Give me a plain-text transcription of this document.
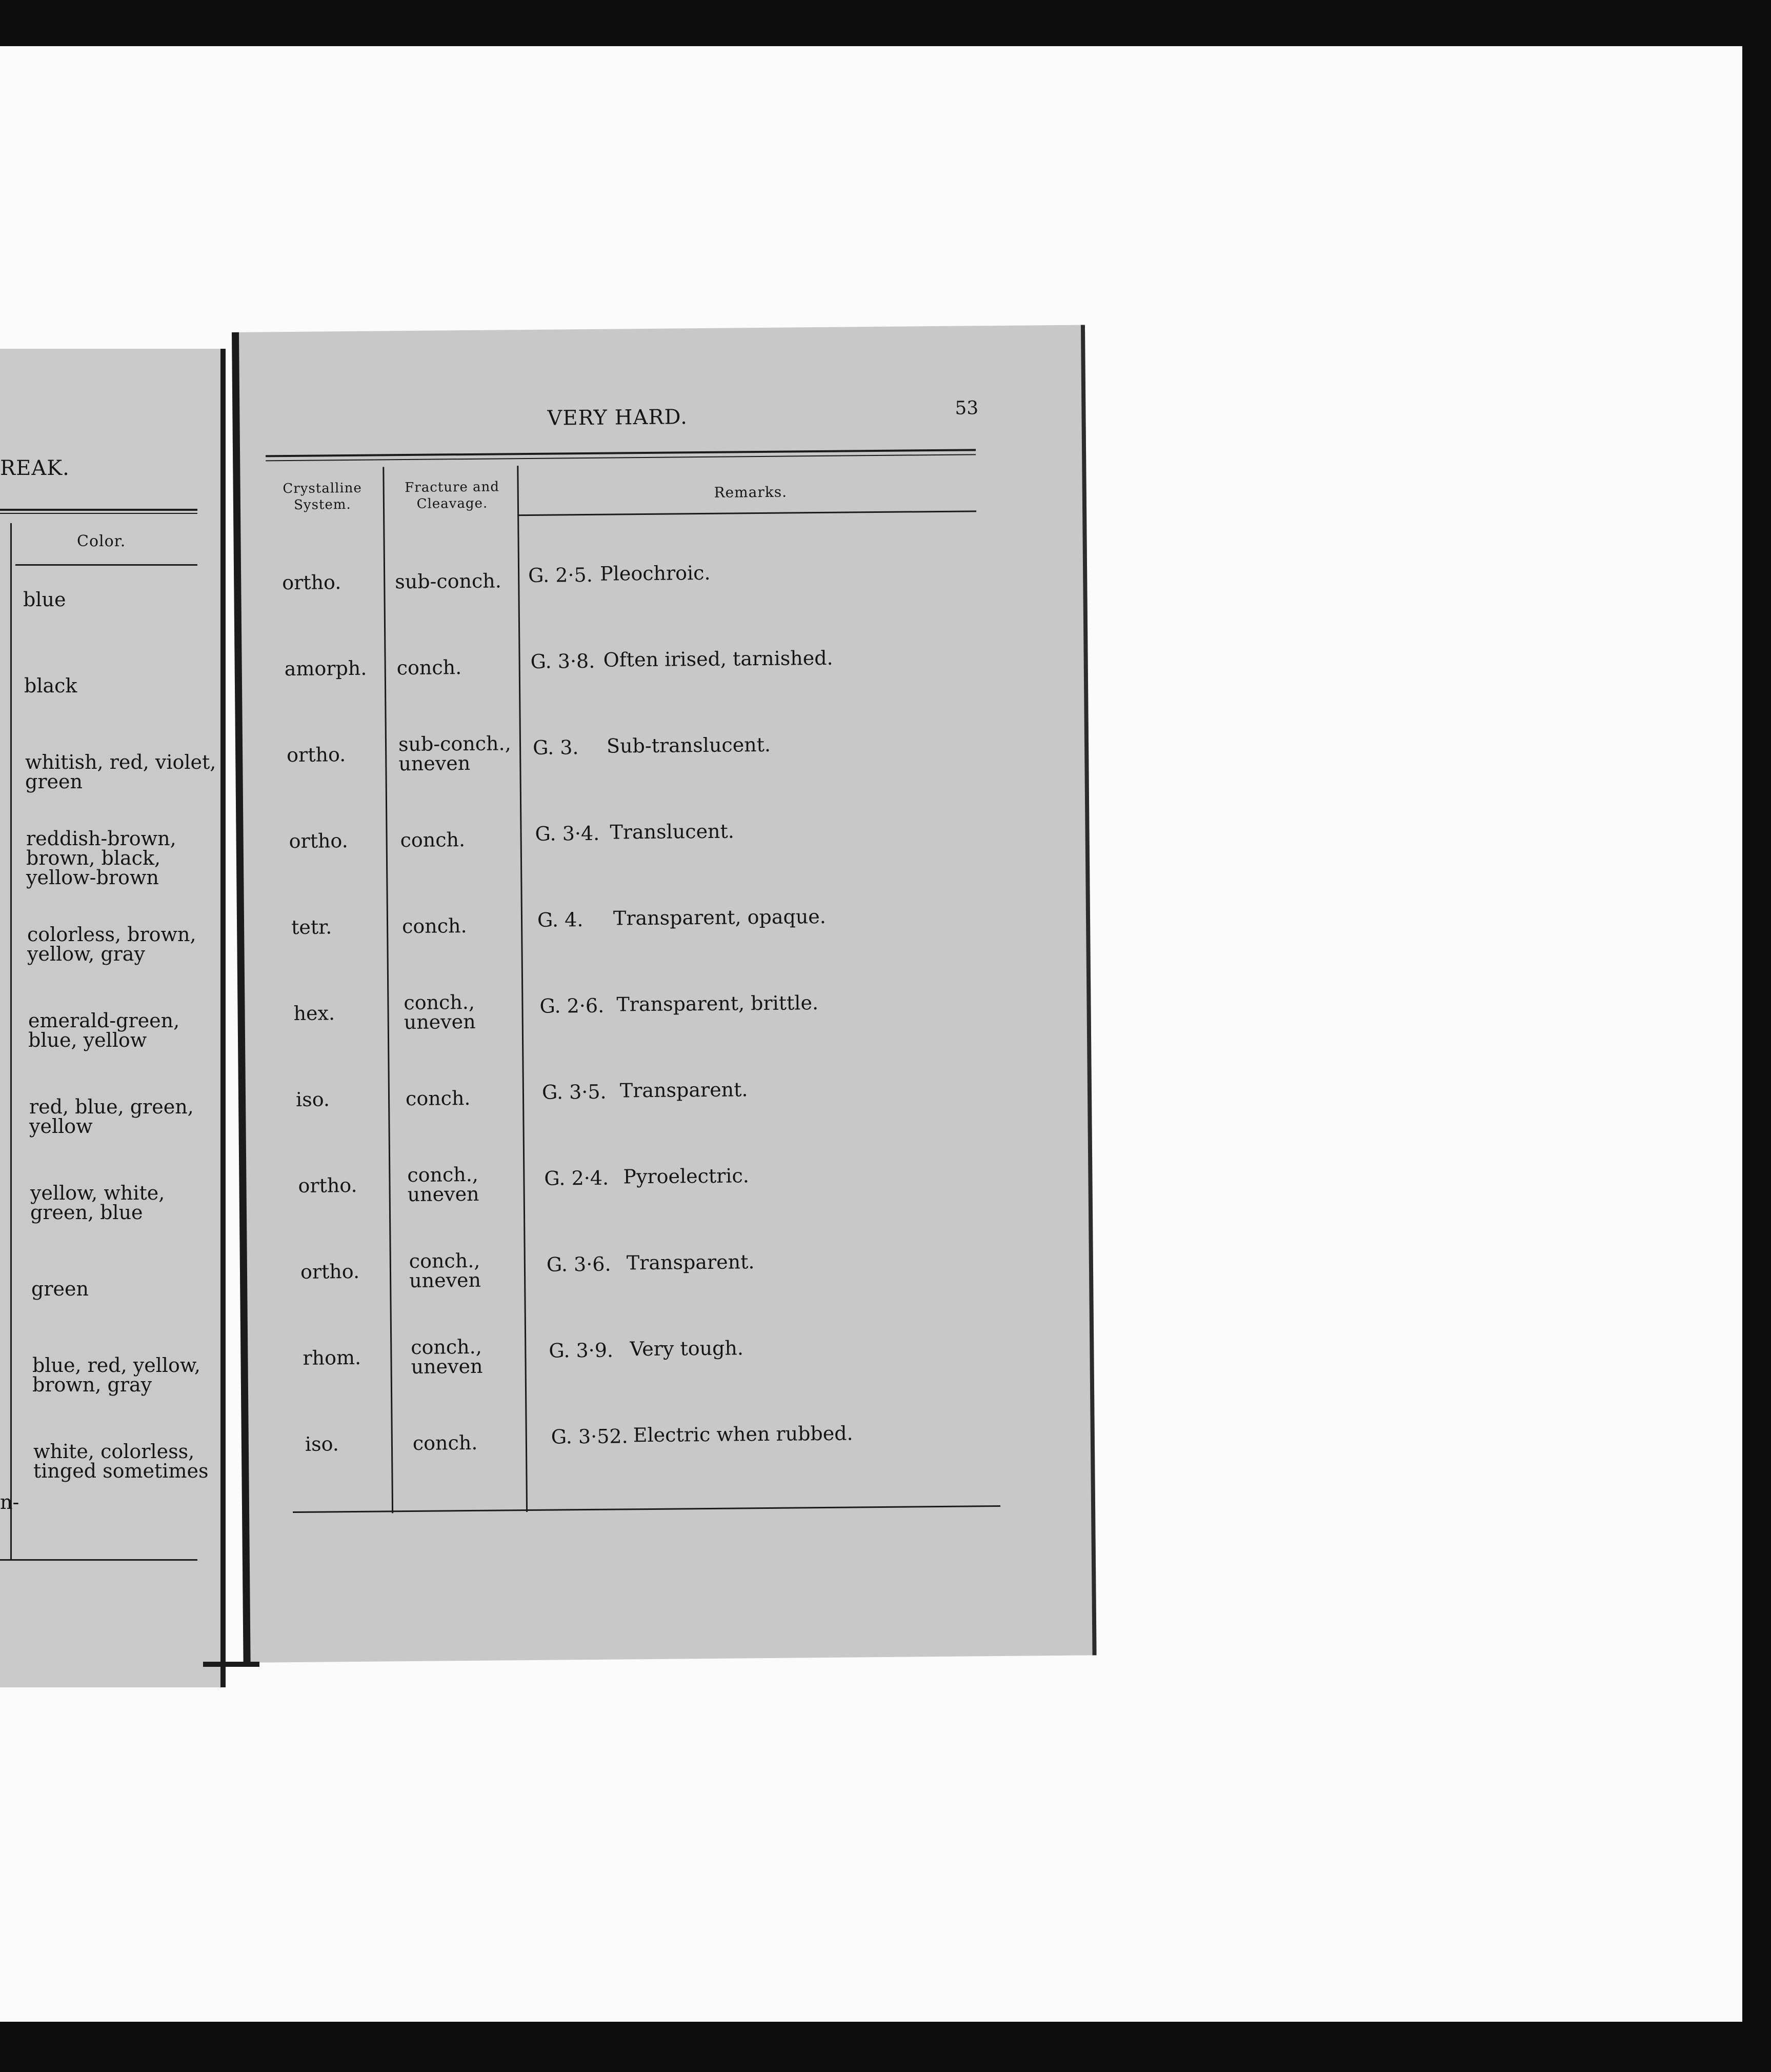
REAK.
Color.
blue
black
whitish, red, violet,
green
reddish-brown,
brown, black,
yellow-brown
colorless, brown,
yellow, gray
emerald-green,
blue, yellow
red, blue, green,
yellow
yellow, white,
green, blue
green
blue, red, yellow,
brown, gray
white, colorless,
tinged sometimes
n-
VERY HARD.	53
Crystalline
System.
Fracture and
Cleavage.
Remarks.
ortho.	sub-conch. G. 2·5. Pleochroic.
amorph. conch.	G. 3·8. Often irised, tarnished.
ortho.	sub-conch.,
uneven
G. 3. Sub-translucent.
ortho.	conch.	G. 3·4. Translucent.
tetr.	conch.	G. 4. Transparent, opaque.
hex.	conch.,
uneven
G. 2·6. Transparent, brittle.
iso.	conch.	G. 3·5. Transparent.
ortho.	conch.,
uneven
G. 2·4. Pyroelectric.
ortho.	conch.,
uneven
G. 3·6. Transparent.
rhom.	conch.,
uneven
G. 3·9. Very tough.
iso.	conch.	G. 3·52. Electric when rubbed.
